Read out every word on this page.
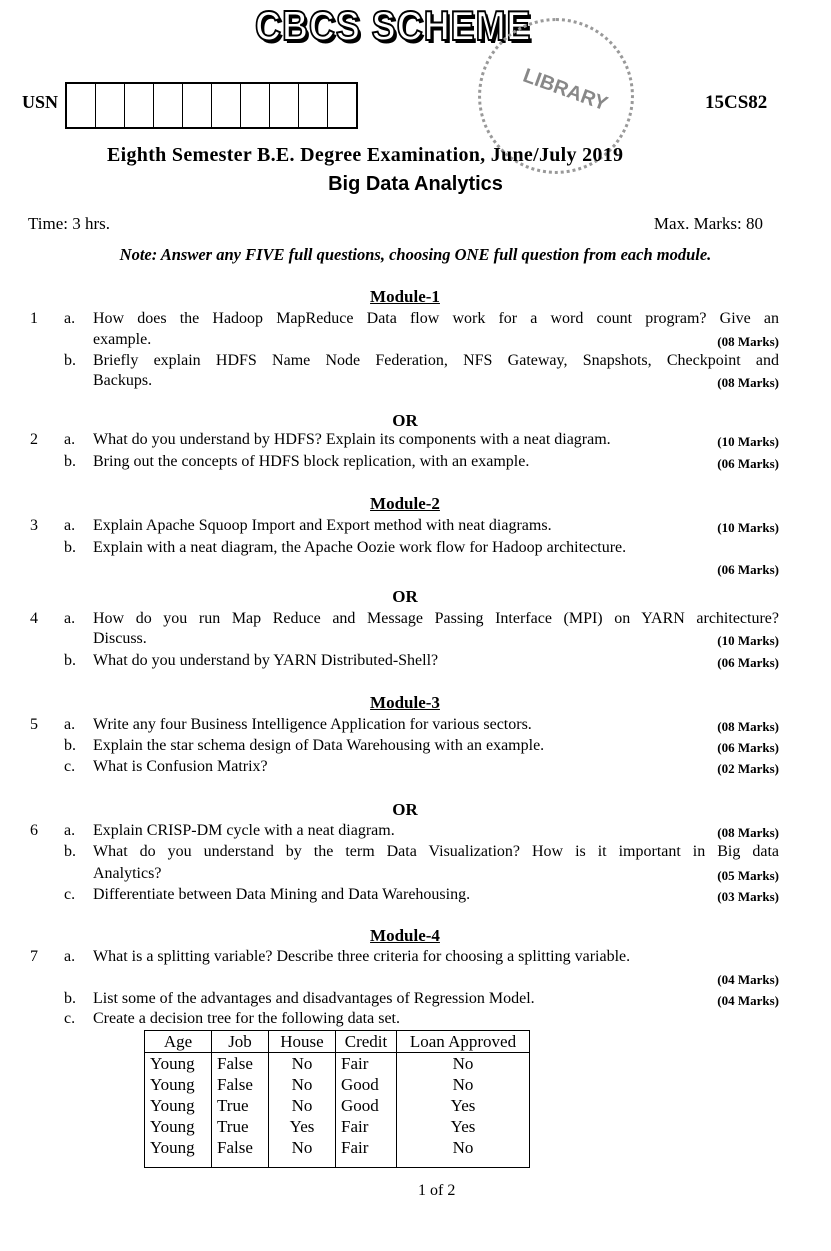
CBCS SCHEME
LIBRARY
USN	15CS82
Eighth Semester B.E. Degree Examination, June/July 2019
Big Data Analytics
Time: 3 hrs.	Max. Marks: 80
Note: Answer any FIVE full questions, choosing ONE full question from each module.
Module-1
1 a. How does the Hadoop MapReduce Data flow work for a word count program? Give an
example.	(08 Marks)
b. Briefly explain HDFS Name Node Federation, NFS Gateway, Snapshots, Checkpoint and
Backups.	(08 Marks)
OR
2 a. What do you understand by HDFS? Explain its components with a neat diagram.	(10 Marks)
b. Bring out the concepts of HDFS block replication, with an example.	(06 Marks)
Module-2
3 a. Explain Apache Squoop Import and Export method with neat diagrams.	(10 Marks)
b. Explain with a neat diagram, the Apache Oozie work flow for Hadoop architecture.
(06 Marks)
OR
4 a. How do you run Map Reduce and Message Passing Interface (MPI) on YARN architecture?
Discuss.	(10 Marks)
b. What do you understand by YARN Distributed-Shell?	(06 Marks)
Module-3
5 a. Write any four Business Intelligence Application for various sectors.	(08 Marks)
b. Explain the star schema design of Data Warehousing with an example.	(06 Marks)
c. What is Confusion Matrix?	(02 Marks)
OR
6 a. Explain CRISP-DM cycle with a neat diagram.	(08 Marks)
b. What do you understand by the term Data Visualization? How is it important in Big data
Analytics?	(05 Marks)
c. Differentiate between Data Mining and Data Warehousing.	(03 Marks)
Module-4
7 a. What is a splitting variable? Describe three criteria for choosing a splitting variable.
(04 Marks)
b. List some of the advantages and disadvantages of Regression Model.	(04 Marks)
c. Create a decision tree for the following data set.
Age	Job	House	Credit	Loan Approved
Young	False	No	Fair	No
Young	False	No	Good	No
Young	True	No	Good	Yes
Young	True	Yes	Fair	Yes
Young	False	No	Fair	No
1 of 2
